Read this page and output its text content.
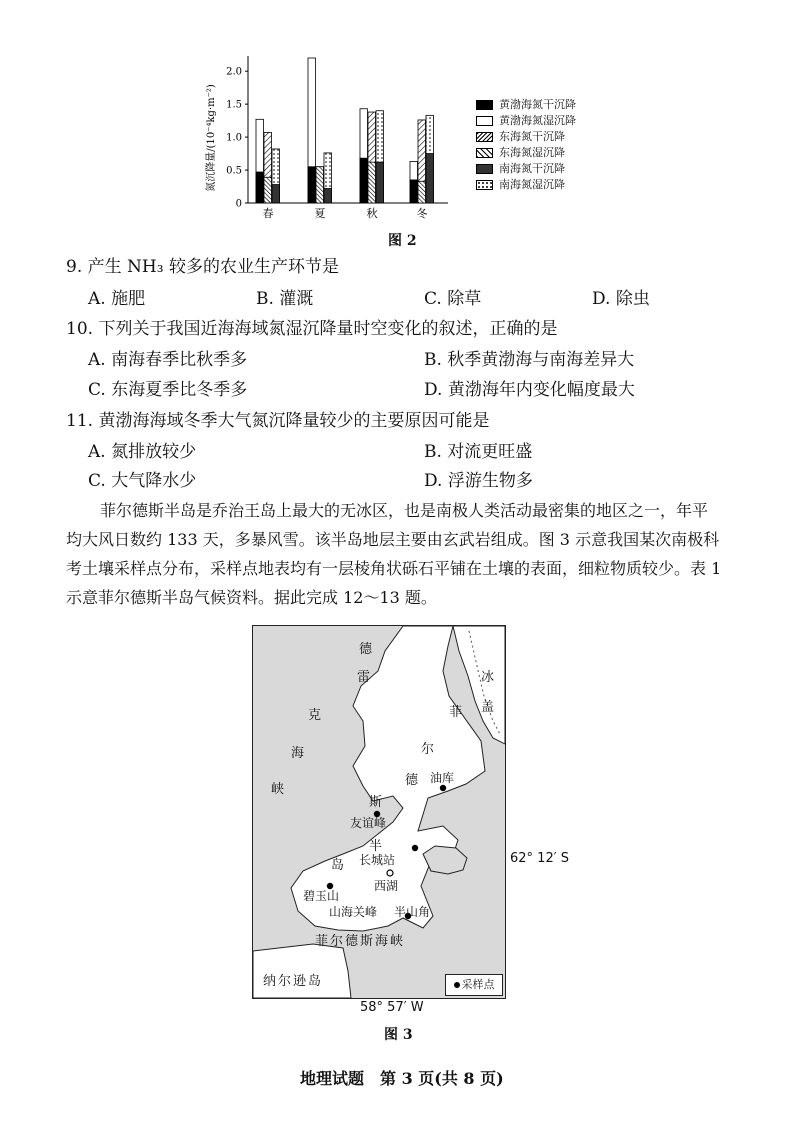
氮沉降量/(10⁻⁴kg·m⁻²)
0
0.5
1.0
1.5
2.0
春	夏	秋	冬
黄渤海氮干沉降
黄渤海氮湿沉降
东海氮干沉降
东海氮湿沉降
南海氮干沉降
南海氮湿沉降
图 2
9. 产生 NH₃ 较多的农业生产环节是
A. 施肥	B. 灌溉	C. 除草	D. 除虫
10. 下列关于我国近海海域氮湿沉降量时空变化的叙述，正确的是
A. 南海春季比秋季多	B. 秋季黄渤海与南海差异大
C. 东海夏季比冬季多	D. 黄渤海年内变化幅度最大
11. 黄渤海海域冬季大气氮沉降量较少的主要原因可能是
A. 氮排放较少	B. 对流更旺盛
C. 大气降水少	D. 浮游生物多
菲尔德斯半岛是乔治王岛上最大的无冰区，也是南极人类活动最密集的地区之一，年平
均大风日数约 133 天，多暴风雪。该半岛地层主要由玄武岩组成。图 3 示意我国某次南极科
考土壤采样点分布，采样点地表均有一层棱角状砾石平铺在土壤的表面，细粒物质较少。表 1
示意菲尔德斯半岛气候资料。据此完成 12～13 题。
德
雷
克
海
峡
菲
尔
德
斯
半
岛
冰
盖
油库
友谊峰
长城站
西湖
碧玉山
山海关峰 半山角
菲尔德斯海峡
纳尔逊岛	采样点
62° 12′ S
58° 57′ W
图 3
地理试题　第 3 页(共 8 页)
